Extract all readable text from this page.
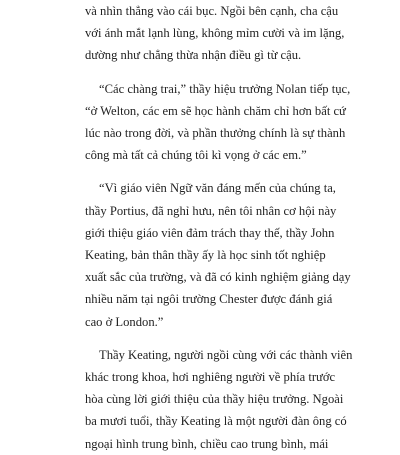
và nhìn thẳng vào cái bục. Ngồi bên cạnh, cha cậu
với ánh mắt lạnh lùng, không mỉm cười và im lặng,
dường như chẳng thừa nhận điều gì từ cậu.
“Các chàng trai,” thầy hiệu trưởng Nolan tiếp tục,
“ở Welton, các em sẽ học hành chăm chỉ hơn bất cứ
lúc nào trong đời, và phần thưởng chính là sự thành
công mà tất cả chúng tôi kì vọng ở các em.”
“Vì giáo viên Ngữ văn đáng mến của chúng ta,
thầy Portius, đã nghỉ hưu, nên tôi nhân cơ hội này
giới thiệu giáo viên đảm trách thay thế, thầy John
Keating, bản thân thầy ấy là học sinh tốt nghiệp
xuất sắc của trường, và đã có kinh nghiệm giảng dạy
nhiều năm tại ngôi trường Chester được đánh giá
cao ở London.”
Thầy Keating, người ngồi cùng với các thành viên
khác trong khoa, hơi nghiêng người về phía trước
hòa cùng lời giới thiệu của thầy hiệu trưởng. Ngoài
ba mươi tuổi, thầy Keating là một người đàn ông có
ngoại hình trung bình, chiều cao trung bình, mái
